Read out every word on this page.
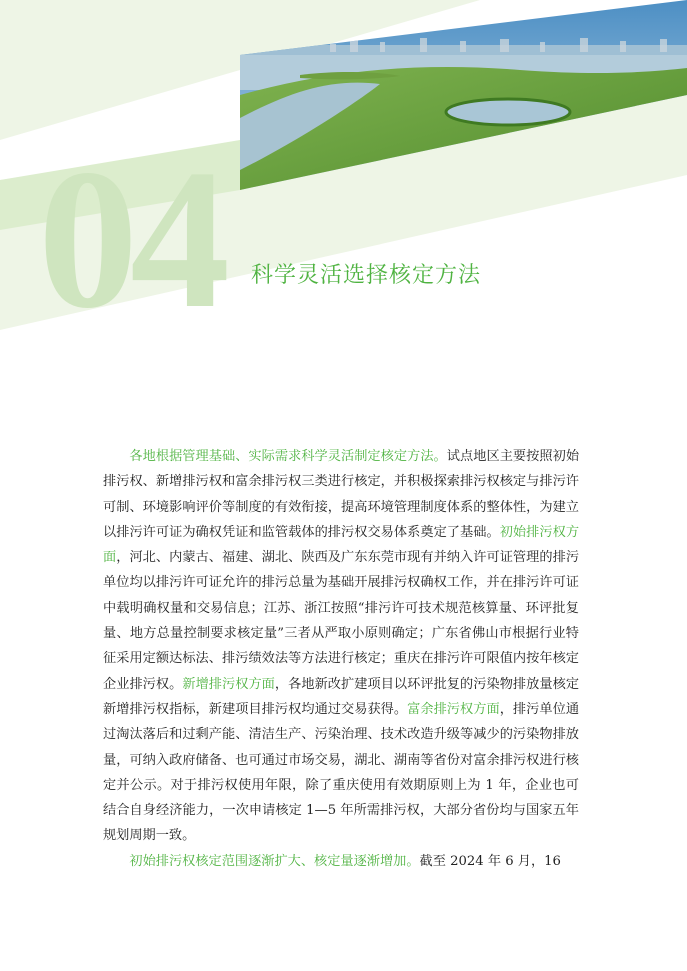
04 科学灵活选择核定方法

各地根据管理基础、实际需求科学灵活制定核定方法。试点地区主要按照初始排污权、新增排污权和富余排污权三类进行核定，并积极探索排污权核定与排污许可制、环境影响评价等制度的有效衔接，提高环境管理制度体系的整体性，为建立以排污许可证为确权凭证和监管载体的排污权交易体系奠定了基础。初始排污权方面，河北、内蒙古、福建、湖北、陕西及广东东莞市现有并纳入许可证管理的排污单位均以排污许可证允许的排污总量为基础开展排污权确权工作，并在排污许可证中载明确权量和交易信息；江苏、浙江按照“排污许可技术规范核算量、环评批复量、地方总量控制要求核定量”三者从严取小原则确定；广东省佛山市根据行业特征采用定额达标法、排污绩效法等方法进行核定；重庆在排污许可限值内按年核定企业排污权。新增排污权方面，各地新改扩建项目以环评批复的污染物排放量核定新增排污权指标，新建项目排污权均通过交易获得。富余排污权方面，排污单位通过淘汰落后和过剩产能、清洁生产、污染治理、技术改造升级等减少的污染物排放量，可纳入政府储备、也可通过市场交易，湖北、湖南等省份对富余排污权进行核定并公示。对于排污权使用年限，除了重庆使用有效期原则上为 1 年，企业也可结合自身经济能力，一次申请核定 1—5 年所需排污权，大部分省份均与国家五年规划周期一致。

初始排污权核定范围逐渐扩大、核定量逐渐增加。截至 2024 年 6 月，16
